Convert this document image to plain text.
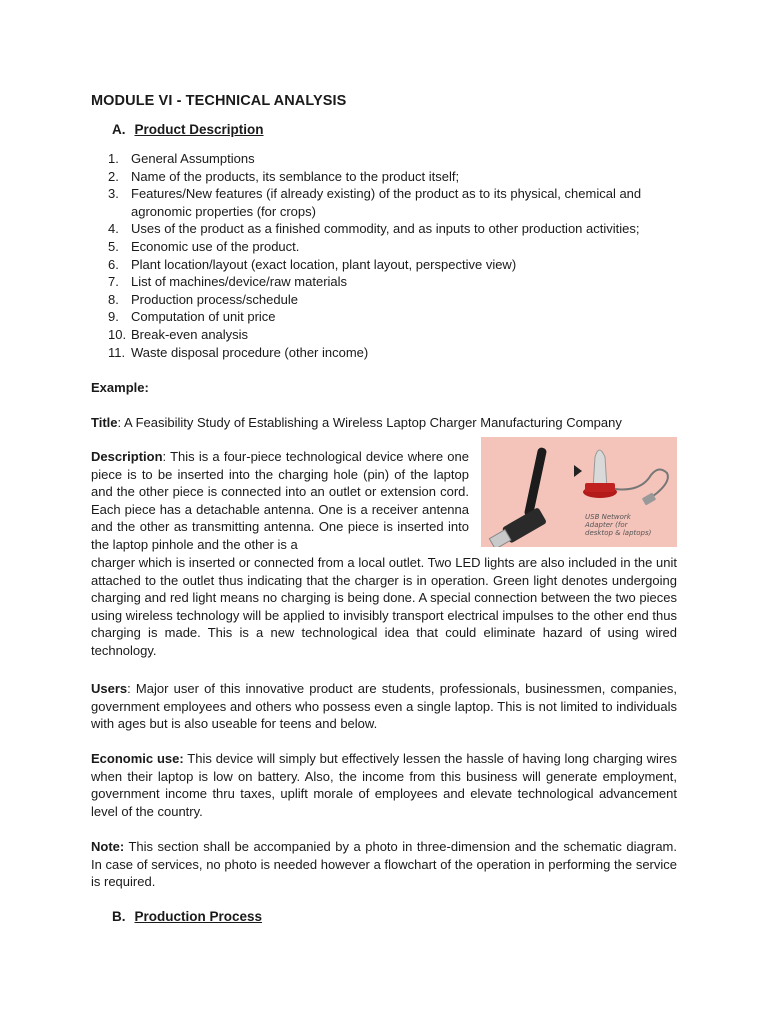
MODULE VI - TECHNICAL ANALYSIS
A. Product Description
1. General Assumptions
2. Name of the products, its semblance to the product itself;
3. Features/New features (if already existing) of the product as to its physical, chemical and agronomic properties (for crops)
4. Uses of the product as a finished commodity, and as inputs to other production activities;
5. Economic use of the product.
6. Plant location/layout (exact location, plant layout, perspective view)
7. List of machines/device/raw materials
8. Production process/schedule
9. Computation of unit price
10. Break-even analysis
11. Waste disposal procedure (other income)

Example:

Title: A Feasibility Study of Establishing a Wireless Laptop Charger Manufacturing Company

Description: This is a four-piece technological device where one piece is to be inserted into the charging hole (pin) of the laptop and the other piece is connected into an outlet or extension cord. Each piece has a detachable antenna. One is a receiver antenna and the other as transmitting antenna. One piece is inserted into the laptop pinhole and the other is a

USB Network
Adapter (for
desktop & laptops)

charger which is inserted or connected from a local outlet. Two LED lights are also included in the unit attached to the outlet thus indicating that the charger is in operation. Green light denotes undergoing charging and red light means no charging is being done. A special connection between the two pieces using wireless technology will be applied to invisibly transport electrical impulses to the other end thus charging is made. This is a new technological idea that could eliminate hazard of using wired technology.

Users: Major user of this innovative product are students, professionals, businessmen, companies, government employees and others who possess even a single laptop. This is not limited to individuals with ages but is also useable for teens and below.

Economic use: This device will simply but effectively lessen the hassle of having long charging wires when their laptop is low on battery. Also, the income from this business will generate employment, government income thru taxes, uplift morale of employees and elevate technological advancement level of the country.

Note: This section shall be accompanied by a photo in three-dimension and the schematic diagram. In case of services, no photo is needed however a flowchart of the operation in performing the service is required.

B. Production Process
